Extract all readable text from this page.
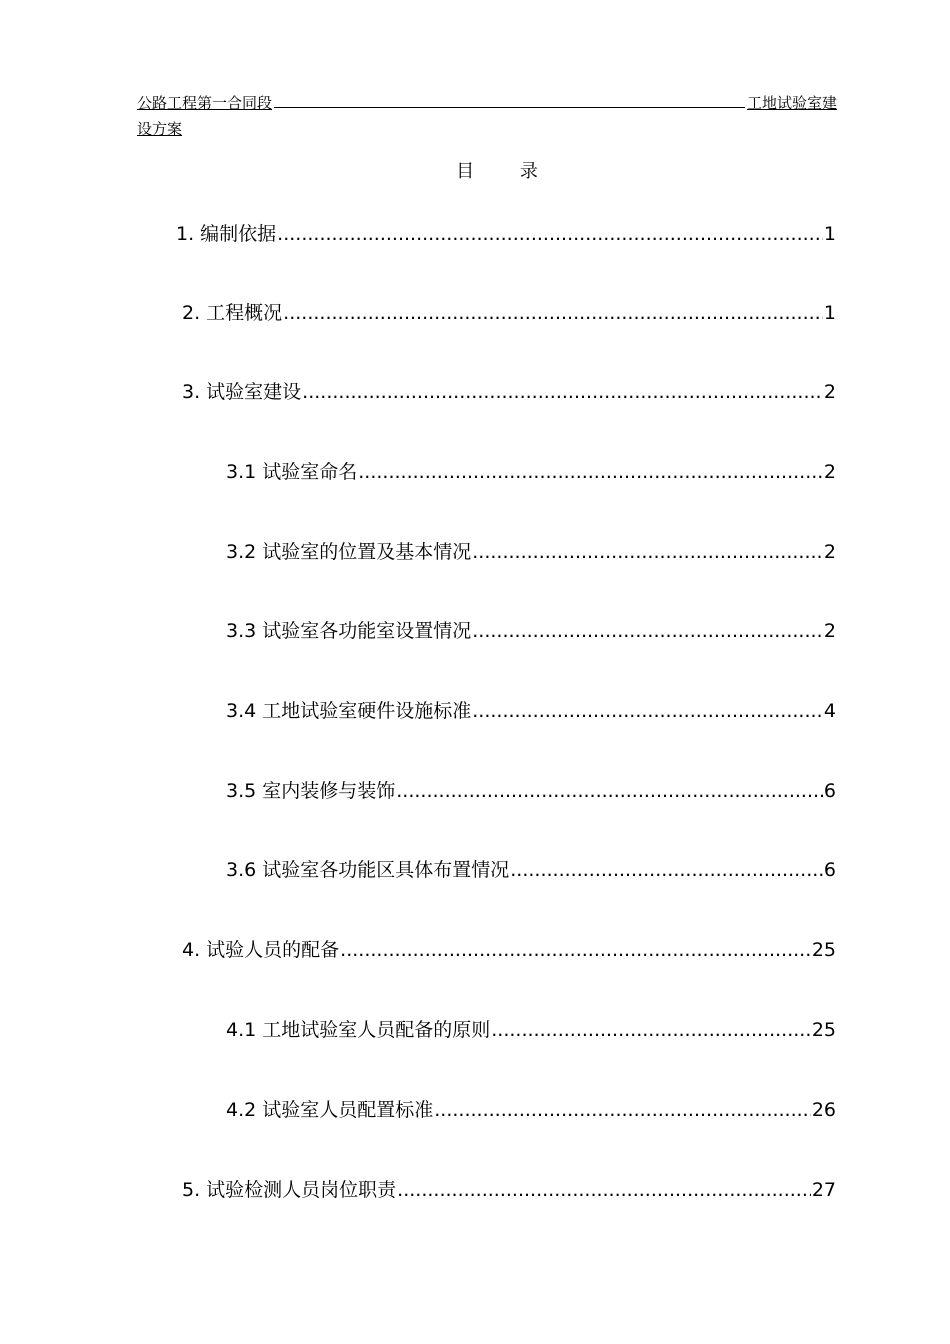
公路工程第一合同段	工地试验室建
设方案
目 录
1. 编制依据 .....	1
2. 工程概况 .....	1
3. 试验室建设 .....	2
3.1 试验室命名 .....	2
3.2 试验室的位置及基本情况 .....	2
3.3 试验室各功能室设置情况 .....	2
3.4 工地试验室硬件设施标准 .....	4
3.5 室内装修与装饰 .....	6
3.6 试验室各功能区具体布置情况 .....	6
4. 试验人员的配备 .....	25
4.1 工地试验室人员配备的原则 .....	25
4.2 试验室人员配置标准 .....	26
5. 试验检测人员岗位职责 .....	27
